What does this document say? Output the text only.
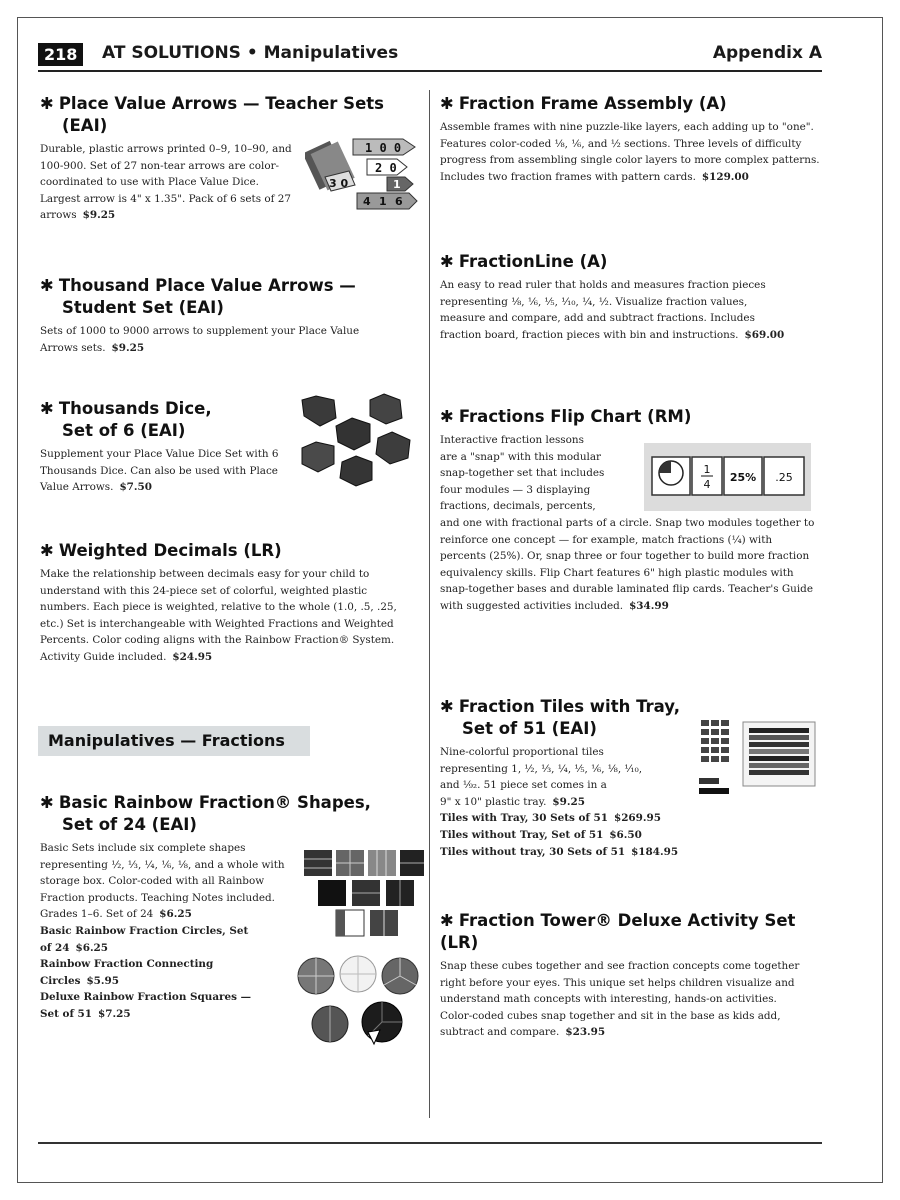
218	AT SOLUTIONS • Manipulatives	Appendix A
✱ Place Value Arrows — Teacher Sets
(EAI)
Durable, plastic arrows printed 0–9, 10–90, and 100-900. Set of 27 non-tear arrows are color-coordinated to use with Place Value Dice. Largest arrow is 4" x 1.35". Pack of 6 sets of 27 arrows $9.25
1 0 0
2 0
1
4 1 6
3 0
✱ Thousand Place Value Arrows —
Student Set (EAI)
Sets of 1000 to 9000 arrows to supplement your Place Value Arrows sets. $9.25
✱ Thousands Dice,
Set of 6 (EAI)
Supplement your Place Value Dice Set with 6 Thousands Dice. Can also be used with Place Value Arrows. $7.50
✱ Weighted Decimals (LR)
Make the relationship between decimals easy for your child to understand with this 24-piece set of colorful, weighted plastic numbers. Each piece is weighted, relative to the whole (1.0, .5, .25, etc.) Set is interchangeable with Weighted Fractions and Weighted Percents. Color coding aligns with the Rainbow Fraction® System. Activity Guide included. $24.95
Manipulatives — Fractions
✱ Basic Rainbow Fraction® Shapes,
Set of 24 (EAI)
Basic Sets include six complete shapes representing ½, ⅓, ¼, ⅙, ⅛, and a whole with storage box. Color-coded with all Rainbow Fraction products. Teaching Notes included. Grades 1–6. Set of 24 $6.25
Basic Rainbow Fraction Circles, Set of 24 $6.25
Rainbow Fraction Connecting Circles $5.95
Deluxe Rainbow Fraction Squares — Set of 51 $7.25
✱ Fraction Frame Assembly (A)
Assemble frames with nine puzzle-like layers, each adding up to "one". Features color-coded ⅛, ⅙, and ½ sections. Three levels of difficulty progress from assembling single color layers to more complex patterns. Includes two fraction frames with pattern cards. $129.00
✱ FractionLine (A)
An easy to read ruler that holds and measures fraction pieces representing ⅛, ⅙, ⅕, ⅒, ¼, ½. Visualize fraction values, measure and compare, add and subtract fractions. Includes fraction board, fraction pieces with bin and instructions. $69.00
✱ Fractions Flip Chart (RM)
Interactive fraction lessons
are a "snap" with this modular
snap-together set that includes
four modules — 3 displaying
fractions, decimals, percents,
and one with fractional parts of a circle. Snap two modules together to reinforce one concept — for example, match fractions (¼) with percents (25%). Or, snap three or four together to build more fraction equivalency skills. Flip Chart features 6" high plastic modules with snap-together bases and durable laminated flip cards. Teacher's Guide with suggested activities included. $34.99
1
4
25% .25
✱ Fraction Tiles with Tray,
Set of 51 (EAI)
Nine-colorful proportional tiles
representing 1, ½, ⅓, ¼, ⅕, ⅙, ⅛, ⅒,
and ⅑₂. 51 piece set comes in a
9" x 10" plastic tray. $9.25
Tiles with Tray, 30 Sets of 51 $269.95
Tiles without Tray, Set of 51 $6.50
Tiles without tray, 30 Sets of 51 $184.95
✱ Fraction Tower® Deluxe Activity Set (LR)
Snap these cubes together and see fraction concepts come together right before your eyes. This unique set helps children visualize and understand math concepts with interesting, hands-on activities. Color-coded cubes snap together and sit in the base as kids add, subtract and compare. $23.95
